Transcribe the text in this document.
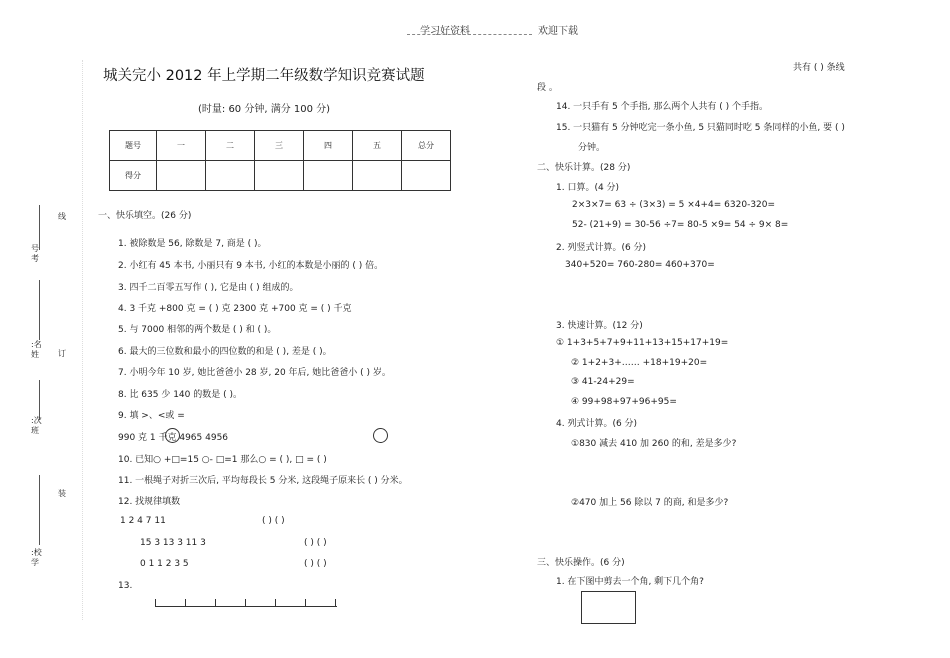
学习好资料	欢迎下载
线
订
装
号
考
:名
姓
:次
班
:校
学
城关完小 2012 年上学期二年级数学知识竞赛试题
(时量: 60 分钟, 满分 100 分)
题号	一	二	三	四	五	总分
得分						
一、快乐填空。(26 分)
1. 被除数是 56, 除数是 7, 商是 ( )。
2. 小红有 45 本书, 小丽只有 9 本书, 小红的本数是小丽的 ( ) 倍。
3. 四千二百零五写作 ( ), 它是由 ( ) 组成的。
4. 3 千克 +800 克 = ( ) 克 2300 克 +700 克 = ( ) 千克
5. 与 7000 相邻的两个数是 ( ) 和 ( )。
6. 最大的三位数和最小的四位数的和是 ( ), 差是 ( )。
7. 小明今年 10 岁, 她比爸爸小 28 岁, 20 年后, 她比爸爸小 ( ) 岁。
8. 比 635 少 140 的数是 ( )。
9. 填 >、<或 =
990 克 1 千克 4965 4956
10. 已知○ +□=15 ○- □=1 那么○ = ( ), □ = ( )
11. 一根绳子对折三次后, 平均每段长 5 分米, 这段绳子原来长 ( ) 分米。
12. 找规律填数
1 2 4 7 11	( ) ( )
15 3 13 3 11 3	( ) ( )
0 1 1 2 3 5	( ) ( )
13.
共有 ( ) 条线
段 。
14. 一只手有 5 个手指, 那么两个人共有 ( ) 个手指。
15. 一只猫有 5 分钟吃完一条小鱼, 5 只猫同时吃 5 条同样的小鱼, 要 ( )
分钟。
二、快乐计算。(28 分)
1. 口算。(4 分)
2×3×7= 63 ÷ (3×3) = 5 ×4+4= 6320-320=
52- (21+9) = 30-56 ÷7= 80-5 ×9= 54 ÷ 9× 8=
2. 列竖式计算。(6 分)
340+520= 760-280= 460+370=
3. 快速计算。(12 分)
① 1+3+5+7+9+11+13+15+17+19=
② 1+2+3+…… +18+19+20=
③ 41-24+29=
④ 99+98+97+96+95=
4. 列式计算。(6 分)
①830 减去 410 加 260 的和, 差是多少?
②470 加上 56 除以 7 的商, 和是多少?
三、快乐操作。(6 分)
1. 在下图中剪去一个角, 剩下几个角?
